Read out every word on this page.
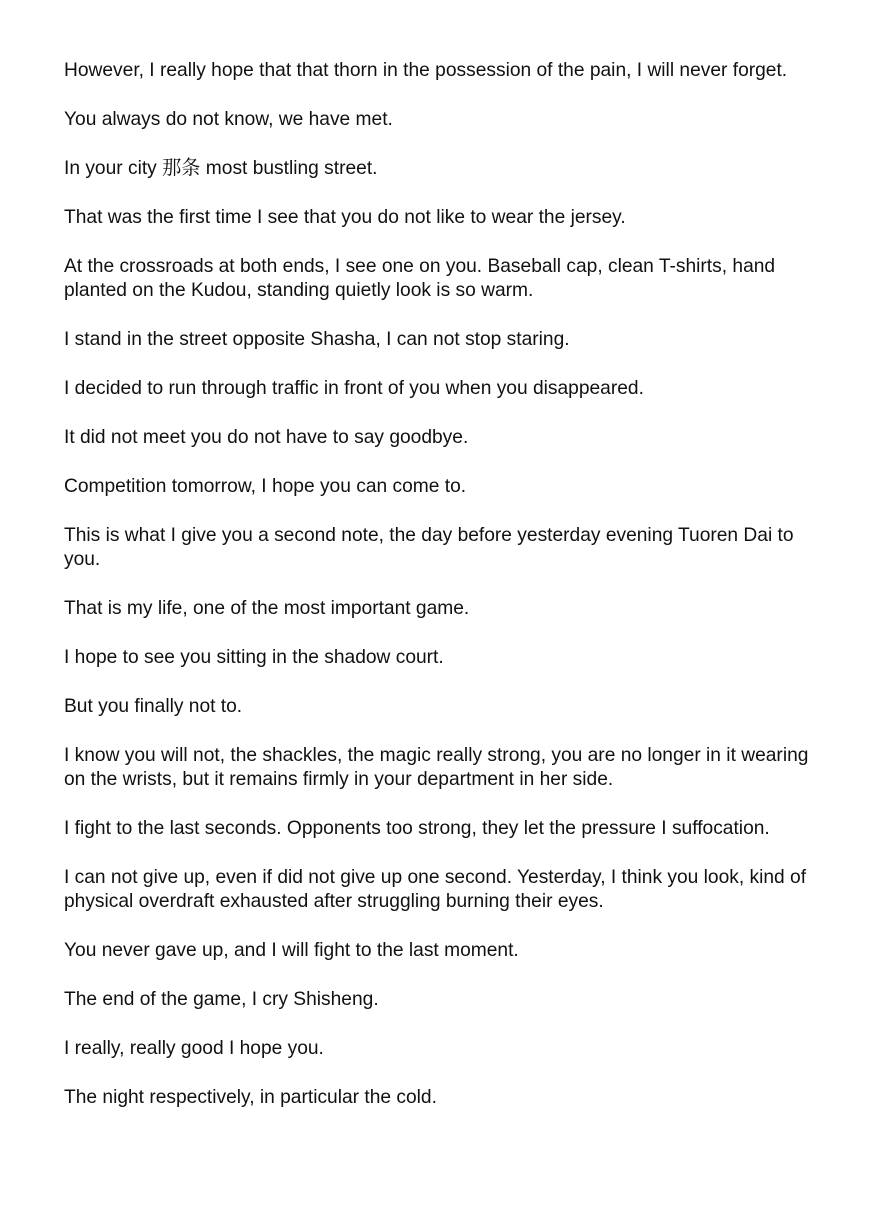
However, I really hope that that thorn in the possession of the pain, I will never forget.

You always do not know, we have met.

In your city 那条 most bustling street.

That was the first time I see that you do not like to wear the jersey.

At the crossroads at both ends, I see one on you. Baseball cap, clean T-shirts, hand planted on the Kudou, standing quietly look is so warm.

I stand in the street opposite Shasha, I can not stop staring.

I decided to run through traffic in front of you when you disappeared.

It did not meet you do not have to say goodbye.

Competition tomorrow, I hope you can come to.

This is what I give you a second note, the day before yesterday evening Tuoren Dai to you.

That is my life, one of the most important game.

I hope to see you sitting in the shadow court.

But you finally not to.

I know you will not, the shackles, the magic really strong, you are no longer in it wearing on the wrists, but it remains firmly in your department in her side.

I fight to the last seconds. Opponents too strong, they let the pressure I suffocation.

I can not give up, even if did not give up one second. Yesterday, I think you look, kind of physical overdraft exhausted after struggling burning their eyes.

You never gave up, and I will fight to the last moment.

The end of the game, I cry Shisheng.

I really, really good I hope you.

The night respectively, in particular the cold.
